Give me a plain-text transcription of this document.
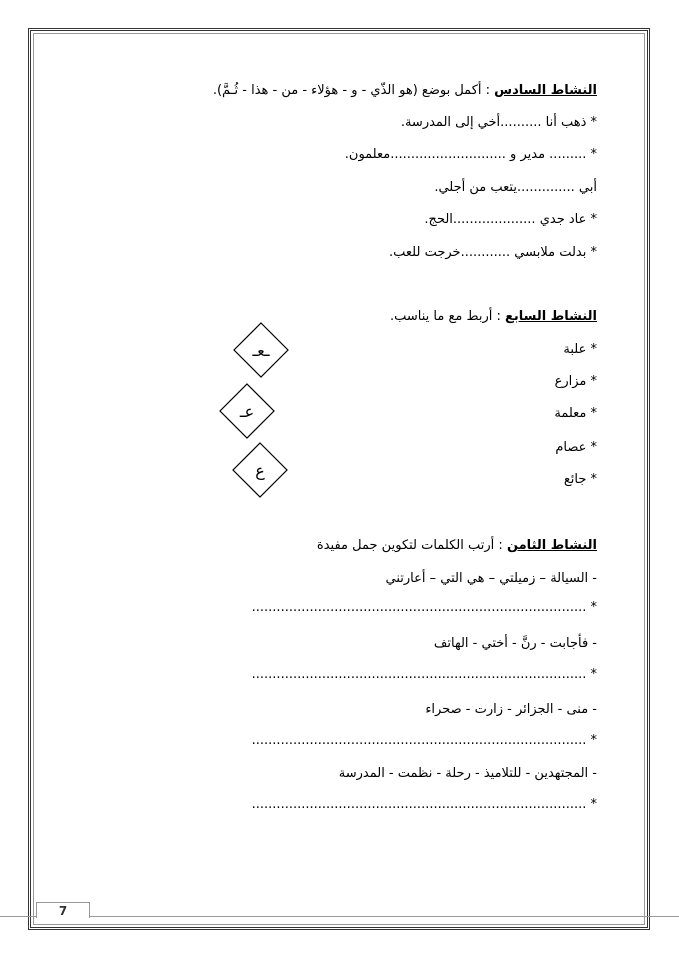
النشاط السادس : أكمل بوضع (هو الذّي - و - هؤلاء - من - هذا - ثُـمَّ).
* ذهب أنا ..........أخي إلى المدرسة.
* ......... مدير و ............................معلمون.
أبي ..............يتعب من أجلي.
* عاد جدي ....................الحج.
* بدلت ملابسي ............خرجت للعب.
النشاط السابع : أربط مع ما يناسب.
* علبة
* مزارع
* معلمة
* عصام
* جائع
ـعـ
عـ
ع
النشاط الثامن : أرتب الكلمات لتكوين جمل مفيدة
- السيالة – زميلتي – هي التي – أعارتني
* .................................................................................
- فأجابت - رنَّ - أختي - الهاتف
* .................................................................................
- منى - الجزائر - زارت - صحراء
* .................................................................................
- المجتهدين - للتلاميذ - رحلة - نظمت - المدرسة
* .................................................................................
7
